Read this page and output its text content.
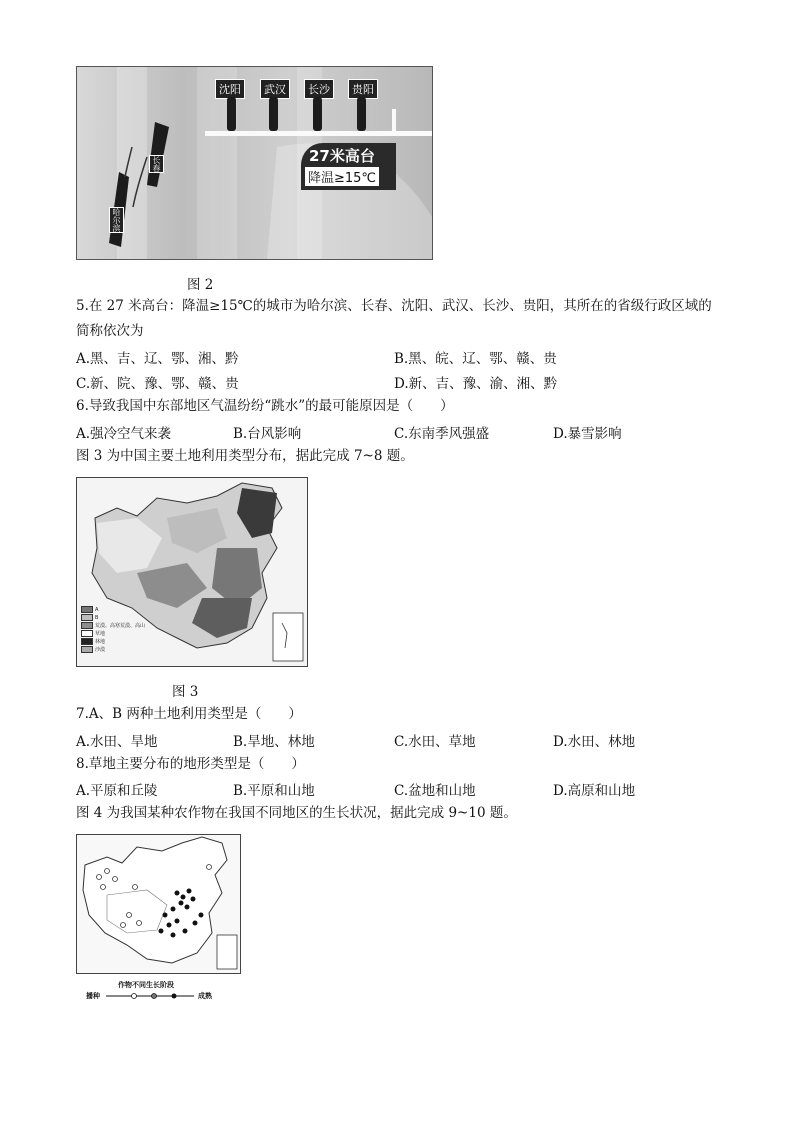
沈阳	武汉	长沙	贵阳
长春
哈尔滨
27米高台
降温≥15℃
图 2
5.在 27 米高台：降温≥15℃的城市为哈尔滨、长春、沈阳、武汉、长沙、贵阳，其所在的省级行政区域的
简称依次为
A.黑、吉、辽、鄂、湘、黔	B.黑、皖、辽、鄂、赣、贵
C.新、院、豫、鄂、赣、贵	D.新、吉、豫、渝、湘、黔
6.导致我国中东部地区气温纷纷“跳水”的最可能原因是（　　）
A.强冷空气来袭	B.台风影响	C.东南季风强盛	D.暴雪影响
图 3 为中国主要土地利用类型分布，据此完成 7~8 题。
A
B
荒漠、高寒荒漠、高山
草地
林地
沙漠
图 3
7.A、B 两种土地利用类型是（　　）
A.水田、旱地	B.旱地、林地	C.水田、草地	D.水田、林地
8.草地主要分布的地形类型是（　　）
A.平原和丘陵	B.平原和山地	C.盆地和山地	D.高原和山地
图 4 为我国某种农作物在我国不同地区的生长状况，据此完成 9~10 题。
作物不同生长阶段
播种	成熟
